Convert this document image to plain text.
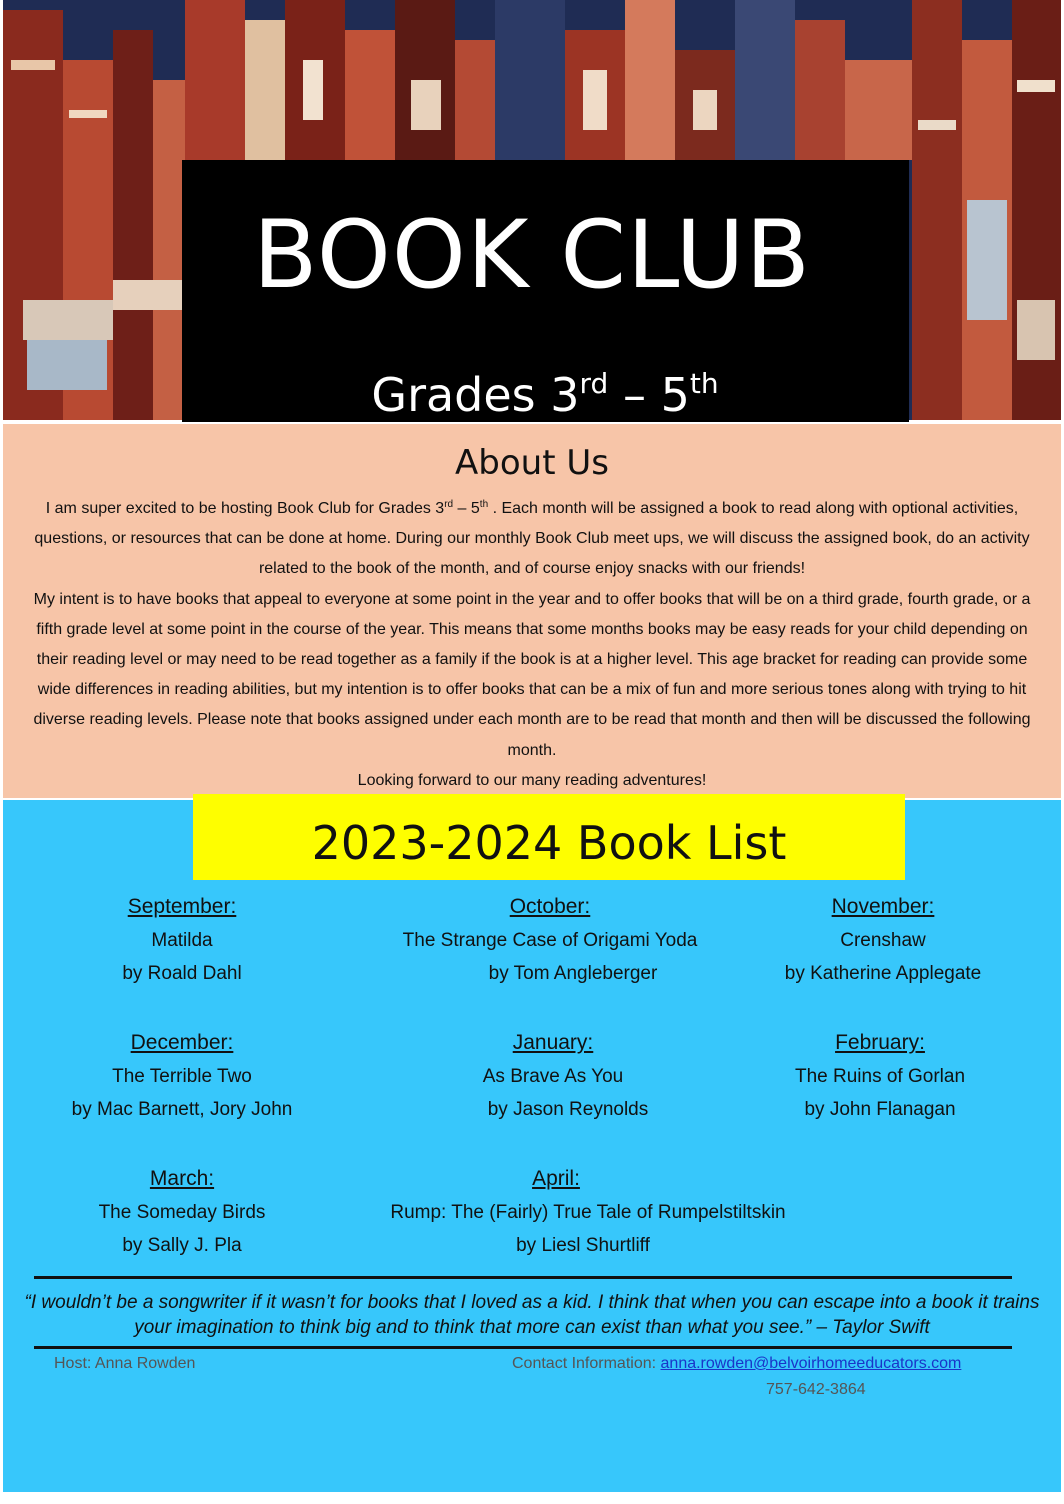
BOOK CLUB
Grades 3rd – 5th
About Us
I am super excited to be hosting Book Club for Grades 3rd – 5th . Each month will be assigned a book to read along with optional activities, questions, or resources that can be done at home. During our monthly Book Club meet ups, we will discuss the assigned book, do an activity related to the book of the month, and of course enjoy snacks with our friends!
My intent is to have books that appeal to everyone at some point in the year and to offer books that will be on a third grade, fourth grade, or a fifth grade level at some point in the course of the year. This means that some months books may be easy reads for your child depending on their reading level or may need to be read together as a family if the book is at a higher level. This age bracket for reading can provide some wide differences in reading abilities, but my intention is to offer books that can be a mix of fun and more serious tones along with trying to hit diverse reading levels. Please note that books assigned under each month are to be read that month and then will be discussed the following month.
Looking forward to our many reading adventures!
2023-2024 Book List
September:
Matilda
by Roald Dahl
October:
The Strange Case of Origami Yoda
by Tom Angleberger
November:
Crenshaw
by Katherine Applegate
December:
The Terrible Two
by Mac Barnett, Jory John
January:
As Brave As You
by Jason Reynolds
February:
The Ruins of Gorlan
by John Flanagan
March:
The Someday Birds
by Sally J. Pla
April:
Rump: The (Fairly) True Tale of Rumpelstiltskin
by Liesl Shurtliff
“I wouldn’t be a songwriter if it wasn’t for books that I loved as a kid. I think that when you can escape into a book it trains your imagination to think big and to think that more can exist than what you see.” – Taylor Swift
Host: Anna Rowden	Contact Information: anna.rowden@belvoirhomeeducators.com
757-642-3864
